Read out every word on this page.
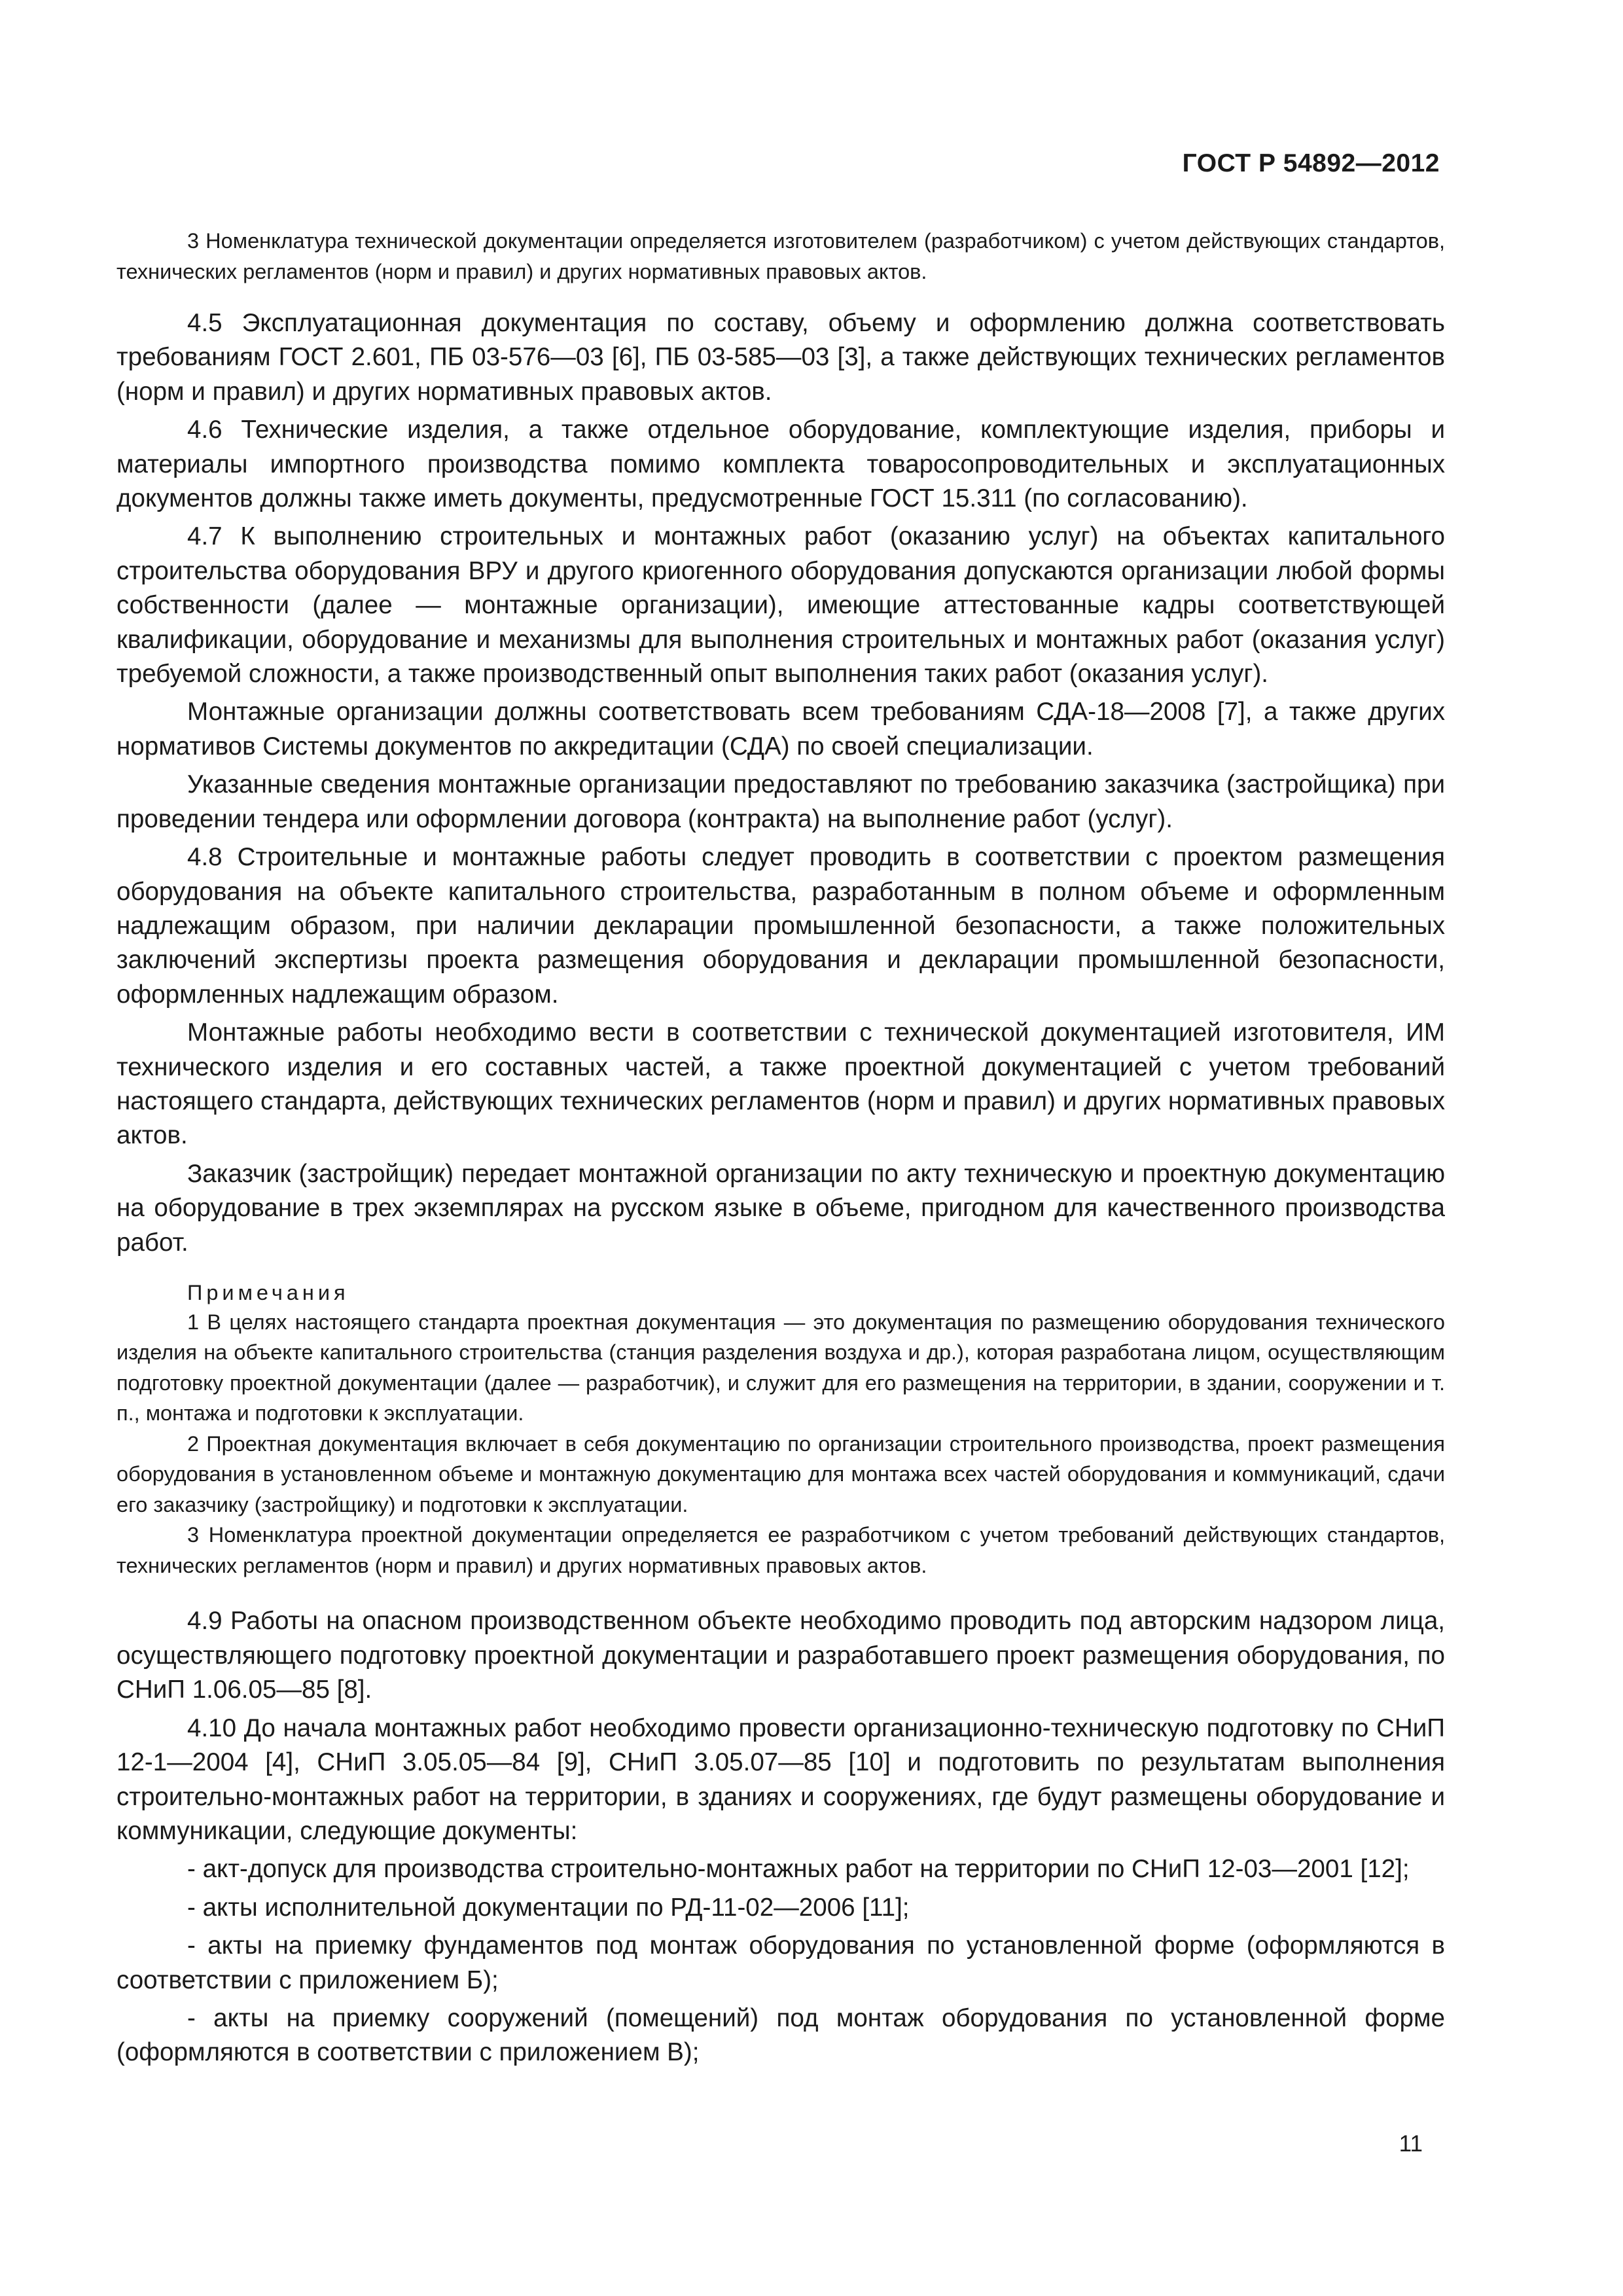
ГОСТ Р 54892—2012

3 Номенклатура технической документации определяется изготовителем (разработчиком) с учетом действующих стандартов, технических регламентов (норм и правил) и других нормативных правовых актов.

4.5 Эксплуатационная документация по составу, объему и оформлению должна соответствовать требованиям ГОСТ 2.601, ПБ 03-576—03 [6], ПБ 03-585—03 [3], а также действующих технических регламентов (норм и правил) и других нормативных правовых актов.

4.6 Технические изделия, а также отдельное оборудование, комплектующие изделия, приборы и материалы импортного производства помимо комплекта товаросопроводительных и эксплуатационных документов должны также иметь документы, предусмотренные ГОСТ 15.311 (по согласованию).

4.7 К выполнению строительных и монтажных работ (оказанию услуг) на объектах капитального строительства оборудования ВРУ и другого криогенного оборудования допускаются организации любой формы собственности (далее — монтажные организации), имеющие аттестованные кадры соответствующей квалификации, оборудование и механизмы для выполнения строительных и монтажных работ (оказания услуг) требуемой сложности, а также производственный опыт выполнения таких работ (оказания услуг).

Монтажные организации должны соответствовать всем требованиям СДА-18—2008 [7], а также других нормативов Системы документов по аккредитации (СДА) по своей специализации.

Указанные сведения монтажные организации предоставляют по требованию заказчика (застройщика) при проведении тендера или оформлении договора (контракта) на выполнение работ (услуг).

4.8 Строительные и монтажные работы следует проводить в соответствии с проектом размещения оборудования на объекте капитального строительства, разработанным в полном объеме и оформленным надлежащим образом, при наличии декларации промышленной безопасности, а также положительных заключений экспертизы проекта размещения оборудования и декларации промышленной безопасности, оформленных надлежащим образом.

Монтажные работы необходимо вести в соответствии с технической документацией изготовителя, ИМ технического изделия и его составных частей, а также проектной документацией с учетом требований настоящего стандарта, действующих технических регламентов (норм и правил) и других нормативных правовых актов.

Заказчик (застройщик) передает монтажной организации по акту техническую и проектную документацию на оборудование в трех экземплярах на русском языке в объеме, пригодном для качественного производства работ.

Примечания

1 В целях настоящего стандарта проектная документация — это документация по размещению оборудования технического изделия на объекте капитального строительства (станция разделения воздуха и др.), которая разработана лицом, осуществляющим подготовку проектной документации (далее — разработчик), и служит для его размещения на территории, в здании, сооружении и т. п., монтажа и подготовки к эксплуатации.

2 Проектная документация включает в себя документацию по организации строительного производства, проект размещения оборудования в установленном объеме и монтажную документацию для монтажа всех частей оборудования и коммуникаций, сдачи его заказчику (застройщику) и подготовки к эксплуатации.

3 Номенклатура проектной документации определяется ее разработчиком с учетом требований действующих стандартов, технических регламентов (норм и правил) и других нормативных правовых актов.

4.9 Работы на опасном производственном объекте необходимо проводить под авторским надзором лица, осуществляющего подготовку проектной документации и разработавшего проект размещения оборудования, по СНиП 1.06.05—85 [8].

4.10 До начала монтажных работ необходимо провести организационно-техническую подготовку по СНиП 12-1—2004 [4], СНиП 3.05.05—84 [9], СНиП 3.05.07—85 [10] и подготовить по результатам выполнения строительно-монтажных работ на территории, в зданиях и сооружениях, где будут размещены оборудование и коммуникации, следующие документы:

- акт-допуск для производства строительно-монтажных работ на территории по СНиП 12-03—2001 [12];

- акты исполнительной документации по РД-11-02—2006 [11];

- акты на приемку фундаментов под монтаж оборудования по установленной форме (оформляются в соответствии с приложением Б);

- акты на приемку сооружений (помещений) под монтаж оборудования по установленной форме (оформляются в соответствии с приложением В);

11
